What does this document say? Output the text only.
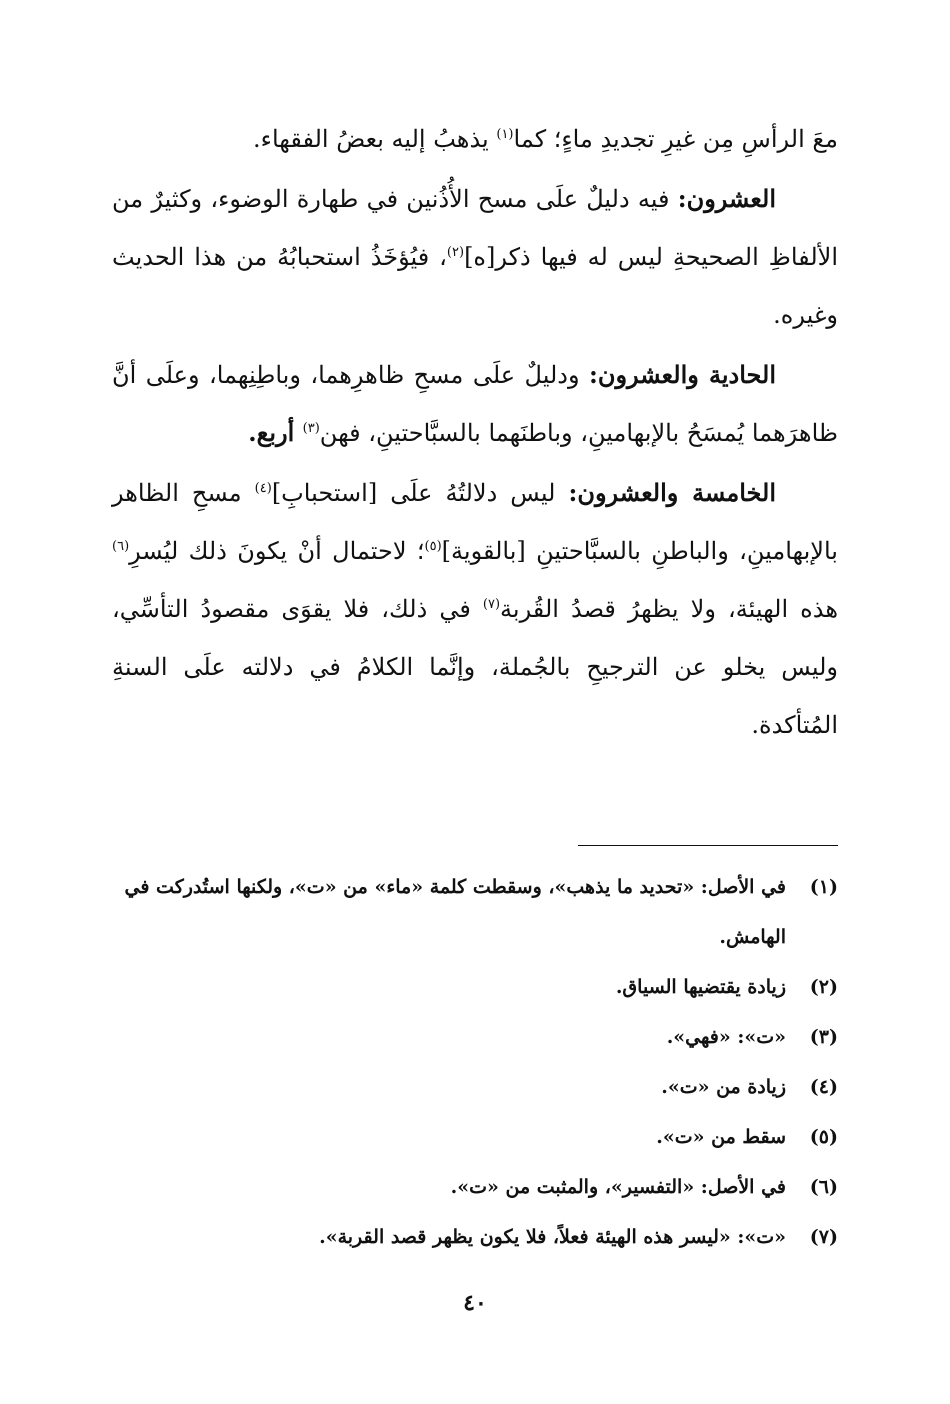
معَ الرأسِ مِن غيرِ تجديدِ ماءٍ؛ كما$^{(١)}$ يذهبُ إليه بعضُ الفقهاء.

العشرون: فيه دليلٌ علَى مسح الأُذُنين في طهارة الوضوء، وكثيرٌ من الألفاظِ الصحيحةِ ليس له فيها ذكر[ه]$^{(٢)}$، فيُؤخَذُ استحبابُهُ من هذا الحديث وغيره.

الحادية والعشرون: ودليلٌ علَى مسحِ ظاهرِهما، وباطِنِهما، وعلَى أنَّ ظاهرَهما يُمسَحُ بالإبهامينِ، وباطنَهما بالسبَّاحتينِ، فهن$^{(٣)}$ أربع.

الخامسة والعشرون: ليس دلالتُهُ علَى [استحبابِ]$^{(٤)}$ مسحِ الظاهر بالإبهامينِ، والباطنِ بالسبَّاحتينِ [بالقوية]$^{(٥)}$؛ لاحتمال أنْ يكونَ ذلك ليُسرِ$^{(٦)}$ هذه الهيئة، ولا يظهرُ قصدُ القُربة$^{(٧)}$ في ذلك، فلا يقوَى مقصودُ التأسِّي، وليس يخلو عن الترجيحِ بالجُملة، وإنَّما الكلامُ في دلالته علَى السنةِ المُتأكدة.

(١)
في الأصل: «تحديد ما يذهب»، وسقطت كلمة «ماء» من «ت»، ولكنها استُدركت في الهامش.
(٢)
زيادة يقتضيها السياق.
(٣)
«ت»: «فهي».
(٤)
زيادة من «ت».
(٥)
سقط من «ت».
(٦)
في الأصل: «التفسير»، والمثبت من «ت».
(٧)
«ت»: «ليسر هذه الهيئة فعلاً، فلا يكون يظهر قصد القربة».
٤٠
